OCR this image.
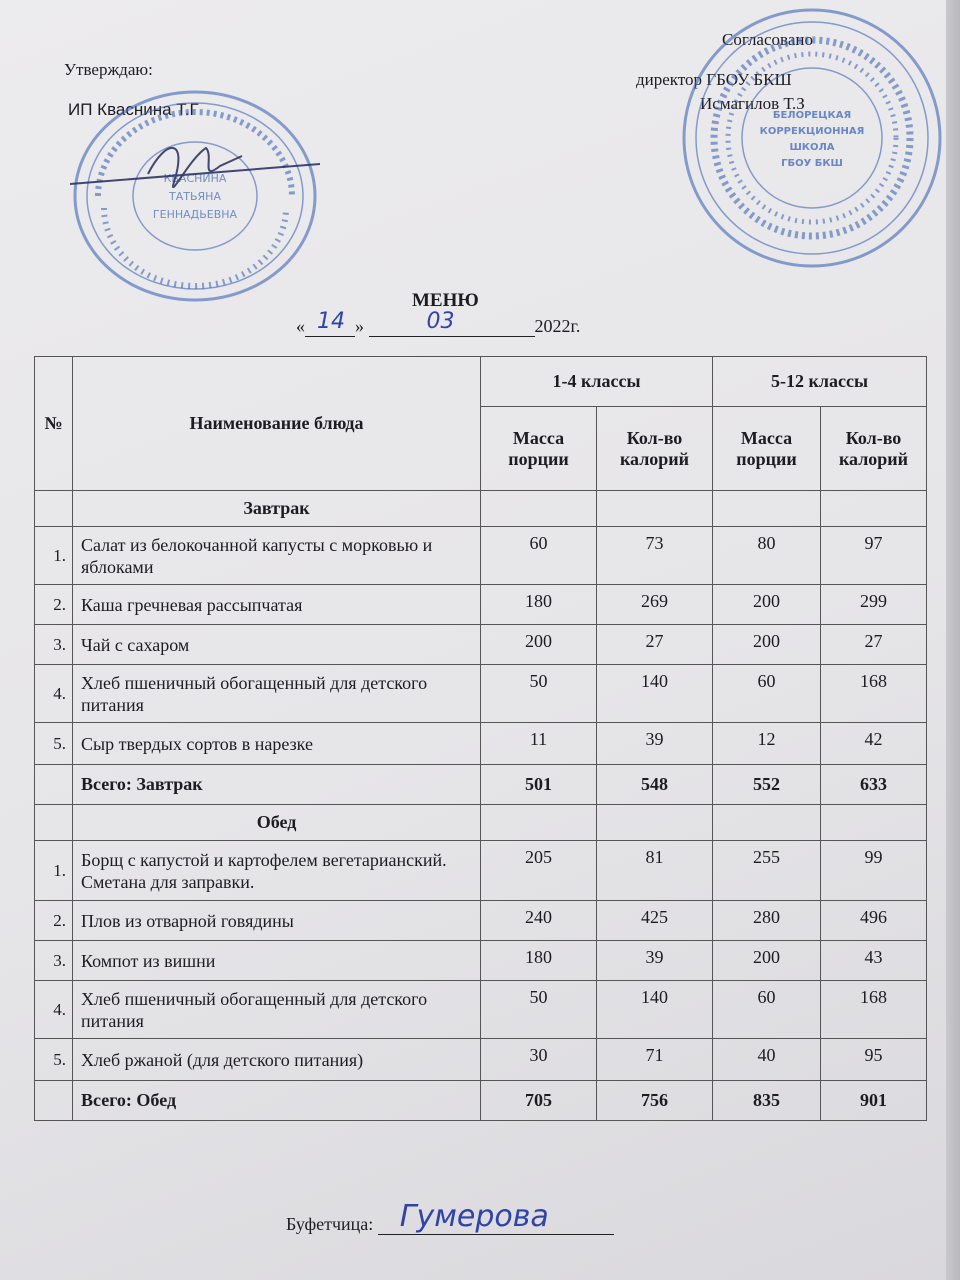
Утверждаю:
ИП Кваснина Т.Г
Согласовано
директор ГБОУ БКШ
Исмагилов Т.З
КВАСНИНА
ТАТЬЯНА
ГЕННАДЬЕВНА
БЕЛОРЕЦКАЯ
КОРРЕКЦИОННАЯ
ШКОЛА
ГБОУ БКШ
МЕНЮ
« 14 »	03	2022г.
№	Наименование блюда	1-4 классы		5-12 классы	
		Масса порции	Кол-во калорий	Масса порции	Кол-во калорий
	Завтрак				
1.	Салат из белокочанной капусты с морковью и яблоками	60	73	80	97
2.	Каша гречневая рассыпчатая	180	269	200	299
3.	Чай с сахаром	200	27	200	27
4.	Хлеб пшеничный обогащенный для детского питания	50	140	60	168
5.	Сыр твердых сортов в нарезке	11	39	12	42
	Всего: Завтрак	501	548	552	633
	Обед				
1.	Борщ с капустой и картофелем вегетарианский. Сметана для заправки.	205	81	255	99
2.	Плов из отварной говядины	240	425	280	496
3.	Компот из вишни	180	39	200	43
4.	Хлеб пшеничный обогащенный для детского питания	50	140	60	168
5.	Хлеб ржаной (для детского питания)	30	71	40	95
	Всего: Обед	705	756	835	901
Буфетчица: Гумерова
